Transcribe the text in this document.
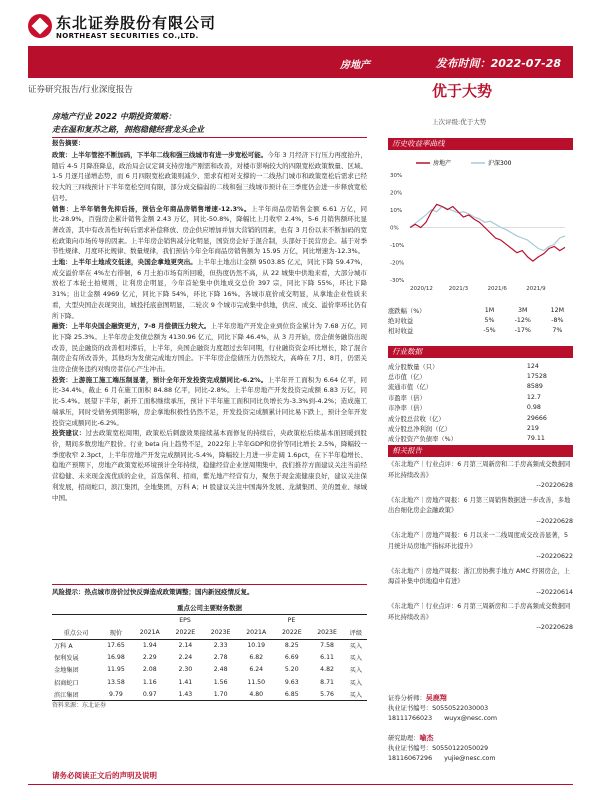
东北证券股份有限公司
NORTHEAST SECURITIES CO.,LTD.
房地产	发布时间：2022-07-28
证券研究报告/行业深度报告	优于大势
上次评级:优于大势
房地产行业 2022 中期投资策略：
走在温和复苏之路，拥抱稳健经营龙头企业
报告摘要：

政策：上半年管控不断加码，下半年二线和强三线城市有进一步宽松可能。今年 3 月经济下行压力再度抬升，随后 4-5 月降准降息，政治局会议定调支持房地产刚需和改善，对楼市影响较大的四限宽松政策数量、区域、1-5 月逐月递增态势，而 6 月四限宽松政策则减少、需求有相对支撑的一二线热门城市和政策宽松后需求已经较大的三四线预计下半年宽松空间有限，部分成交偏弱的二线和强三线城市预计在三季度仍会进一步释放宽松信号。

销售：上半年销售先抑后扬，预估全年商品房销售增速-12.3%。上半年商品房销售金额 6.61 万亿，同比-28.9%，百强房企累计销售金额 2.43 万亿，同比-50.8%，降幅比上月收窄 2.4%，5-6 月销售额环比显著改善，其中有改善性好转后需求补偿释放、房企供应增加并加大营销的因素，也有 3 月份以来不断加码的宽松政策向市场传导的因素。上半年房企销售减分化明显，国资房企好于混合制，头部好于民营房企。基于对季节性规律、月度环比规律、数量规律，我们预估今年全年商品房销售额为 15.95 万亿，同比增速为-12.3%。

土地：上半年土地成交低迷，央国企拿地更突出。上半年土地出让金额 9503.85 亿元，同比下降 59.47%，成交溢价率在 4%左右徘徊，6 月土拍市场有所回暖，但热度仍然不高，从 22 城集中供地来看，大部分城市放松了本轮土拍规则，让利房企明显，今年首轮集中供地成交总价 397 宗，同比下降 55%，环比下降 31%；出让金额 4969 亿元，同比下降 54%，环比下降 16%。各城市底价成交明显，从拿地企业性质来看，大型央国企表现突出，城投托底意图明显，二轮次 9 个城市完成集中供地，供应、成交、溢价率环比仍有所下降。

融资：上半年央国企融资更方，7-8 月偿债压力较大。上半年房地产开发企业到位资金累计为 7.68 万亿，同比下降 25.3%。上半年房企发债总额为 4130.96 亿元，同比下降 46.4%，从 3 月开始，房企债务融资出现改善，民企融资的改善相对滞后，上半年，央国企融资力度超过去年同期，行业融资资金环比增长，除了混合制房企有所改善外，其他均为发债完成地方国企。下半年房企偿债压力仍然较大，高峰在 7月、8月，仍需关注房企债务违约对购房者信心产生冲击。

投资：上游施工施工端压制显著，预计全年开发投资完成额同比-6.2%。上半年开工面积为 6.64 亿平，同比-34.4%，截止 6 月在施工面积 84.88 亿平，同比-2.8%。上半年房地产开发投资完成额 6.83 万亿，同比-5.4%。展望下半年，新开工面积继续承压，预计下半年施工面积同比负增长为-3.3%到-4.2%；造成施工端承压，同时受债务到期影响，房企拿地积极性仍然不足，开发投资完成额累计同比易下跌上，预计全年开发投资完成额同比-6.2%。

投资建议：过去政策宽松周期，政策松后刺激效果接续基本面修复的持续后，央政策松后续基本面回暖到股价，期间多数房地产股价。行业 beta 向上趋势不足，2022年上半年GDP和房价等同比增长 2.5%，降幅较一季度收窄 2.3pct，上半年房地产开发完成额同比-5.4%，降幅较上月进一步走阔 1.6pct，在下半年稳增长、稳地产预期下，房地产政策宽松环境预计全年持续，稳健经营企业逆周期集中，我们推荐方面建议关注当前经营稳健、未来现金流优质的企业，首选保利、招商，紫光地产经营有力，聚焦于现金流健康良好，建议关注保利发展，招商蛇口，滨江集团，全地集团，万科 A；H 股建议关注中国海外发展、龙湖集团、美的置业、绿城中国。

风险提示：热点城市房价过快反弹造成政策调整；国内新冠疫情反复。
重点公司主要财务数据
		EPS			PE			
重点公司	现价	2021A	2022E	2023E	2021A	2022E	2023E	评级
万科 A	17.65	1.94	2.14	2.33	10.19	8.25	7.58	买入
保利发展	16.98	2.29	2.24	2.78	6.82	6.69	6.11	买入
金地集团	11.95	2.08	2.30	2.48	6.24	5.20	4.82	买入
招商蛇口	13.58	1.16	1.41	1.56	11.50	9.63	8.71	买入
滨江集团	9.79	0.97	1.43	1.70	4.80	6.85	5.76	买入
资料来源：东北证券
历史收益率曲线
房地产	沪深300
30%
20%
10%
0%
-10%
-20%
-30%
2020/12	2021/3	2021/6	2021/9
涨跌幅（%）	1M	3M	12M
绝对收益	5%	-12%	-8%
相对收益	-5%	-17%	7%
行业数据
成分股数量（只）	124
总市值（亿）	17528
流通市值（亿）	8589
市盈率（倍）	12.7
市净率（倍）	0.98
成分股总营收（亿）	29666
成分股总净利润（亿）	219
成分股资产负债率（%）	79.11
相关报告
《东北地产｜行业点评：6 月第三周新房和二手房高频成交数据同环比持续改善》
--20220628
《东北地产｜房地产周报：6 月第三周销售数据进一步改善，多地出台细化房企金融政策》
--20220628
《东北地产｜房地产周报：6 月以来一二线周度成交改善显著，5 月统计局房地产指标环比提升》
--20220622
《东北地产｜房地产周报：浙江房协携手地方 AMC 纾困房企，上海首补集中供地稳中有进》
--20220614
《东北地产｜行业点评：6 月第三周新房和二手房高频成交数据同环比持续改善》
--20220628
证券分析师：吴鹿翔
执业证书编号：S0550522030003
18111766023 wuyx@nesc.com
研究助理：喻杰
执业证书编号：S0550122050029
18116067296 yujie@nesc.com
请务必阅读正文后的声明及说明
